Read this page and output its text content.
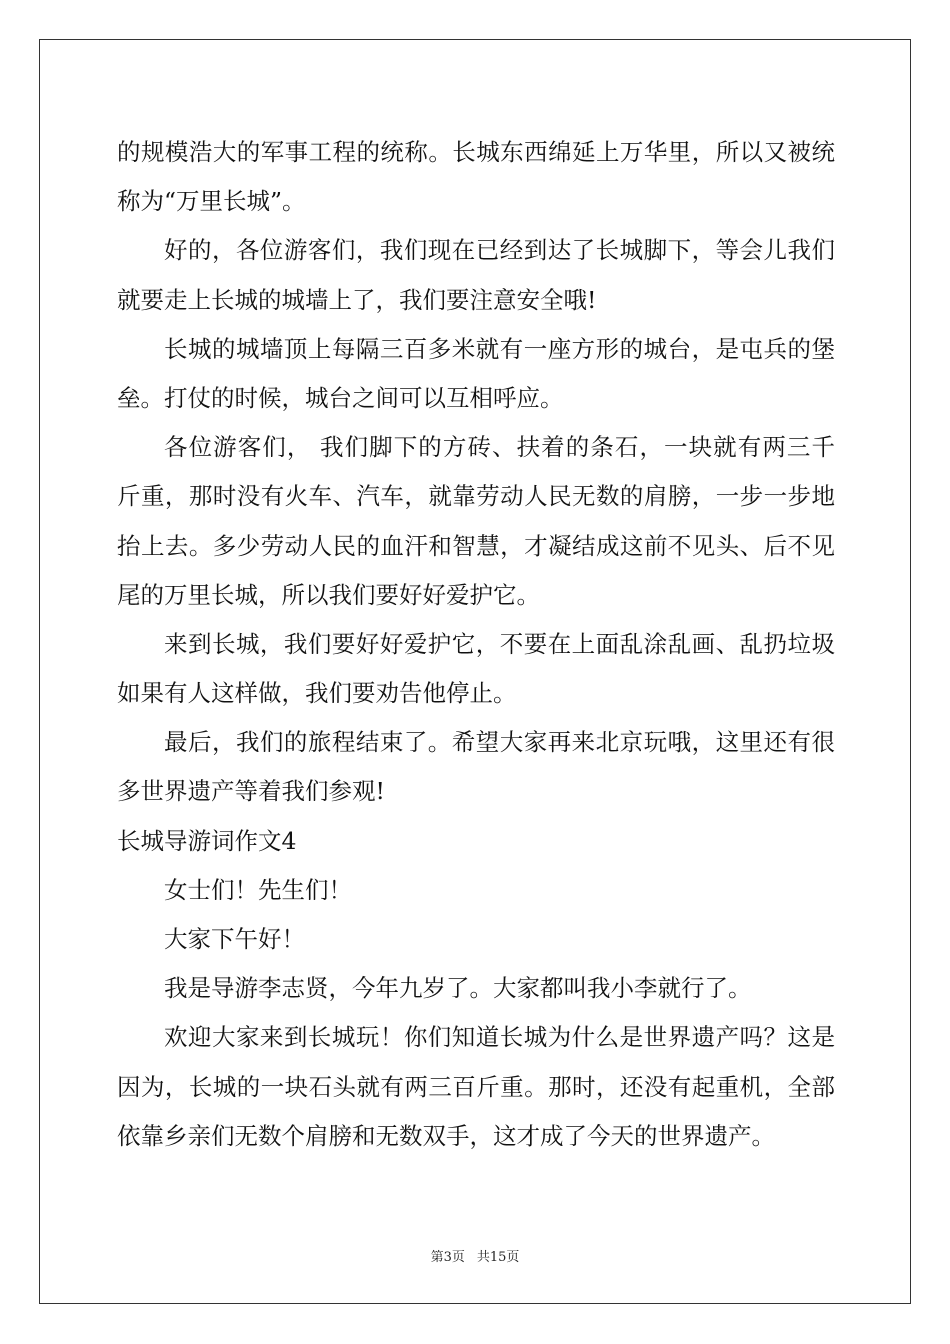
的规模浩大的军事工程的统称。长城东西绵延上万华里，所以又被统
称为“万里长城”。
好的，各位游客们，我们现在已经到达了长城脚下，等会儿我们
就要走上长城的城墙上了，我们要注意安全哦!
长城的城墙顶上每隔三百多米就有一座方形的城台，是屯兵的堡
垒。打仗的时候，城台之间可以互相呼应。
各位游客们， 我们脚下的方砖、扶着的条石，一块就有两三千
斤重，那时没有火车、汽车，就靠劳动人民无数的肩膀，一步一步地
抬上去。多少劳动人民的血汗和智慧，才凝结成这前不见头、后不见
尾的万里长城，所以我们要好好爱护它。
来到长城，我们要好好爱护它，不要在上面乱涂乱画、乱扔垃圾
如果有人这样做，我们要劝告他停止。
最后，我们的旅程结束了。希望大家再来北京玩哦，这里还有很
多世界遗产等着我们参观!
长城导游词作文4
女士们！先生们！
大家下午好！
我是导游李志贤，今年九岁了。大家都叫我小李就行了。
欢迎大家来到长城玩！你们知道长城为什么是世界遗产吗？这是
因为，长城的一块石头就有两三百斤重。那时，还没有起重机，全部
依靠乡亲们无数个肩膀和无数双手，这才成了今天的世界遗产。
第3页 共15页
